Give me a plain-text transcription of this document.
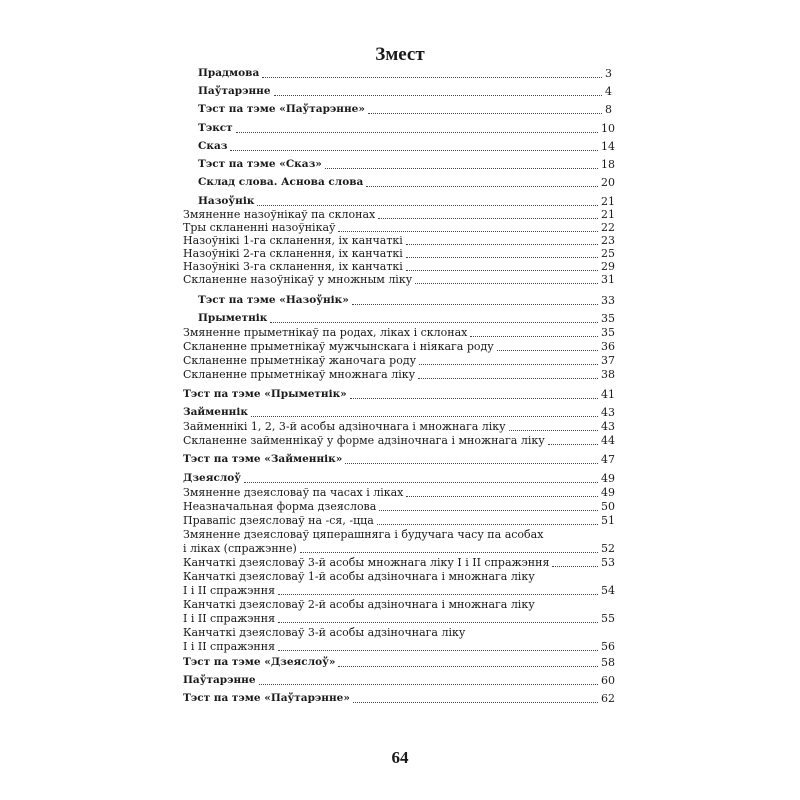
Змест
Прадмова	3
Паўтарэнне	4
Тэст па тэме «Паўтарэнне»	8
Тэкст	10
Сказ	14
Тэст па тэме «Сказ»	18
Склад слова. Аснова слова	20
Назоўнік	21
Змяненне назоўнікаў па склонах	21
Тры скланенні назоўнікаў	22
Назоўнікі 1-га скланення, іх канчаткі	23
Назоўнікі 2-га скланення, іх канчаткі	25
Назоўнікі 3-га скланення, іх канчаткі	29
Скланенне назоўнікаў у множным ліку	31
Тэст па тэме «Назоўнік»	33
Прыметнік	35
Змяненне прыметнікаў па родах, ліках і склонах	35
Скланенне прыметнікаў мужчынскага і ніякага роду	36
Скланенне прыметнікаў жаночага роду	37
Скланенне прыметнікаў множнага ліку	38
Тэст па тэме «Прыметнік»	41
Займеннік	43
Займеннікі 1, 2, 3-й асобы адзіночнага і множнага ліку	43
Скланенне займеннікаў у форме адзіночнага і множнага ліку	44
Тэст па тэме «Займеннік»	47
Дзеяслоў	49
Змяненне дзеясловаў па часах і ліках	49
Неазначальная форма дзеяслова	50
Правапіс дзеясловаў на -ся, -цца	51
Змяненне дзеясловаў цяперашняга і будучага часу па асобах
і ліках (спражэнне)	52
Канчаткі дзеясловаў 3-й асобы множнага ліку I і II спражэння	53
Канчаткі дзеясловаў 1-й асобы адзіночнага і множнага ліку
I і II спражэння	54
Канчаткі дзеясловаў 2-й асобы адзіночнага і множнага ліку
I і II спражэння	55
Канчаткі дзеясловаў 3-й асобы адзіночнага ліку
I і II спражэння	56
Тэст па тэме «Дзеяслоў»	58
Паўтарэнне	60
Тэст па тэме «Паўтарэнне»	62
64
